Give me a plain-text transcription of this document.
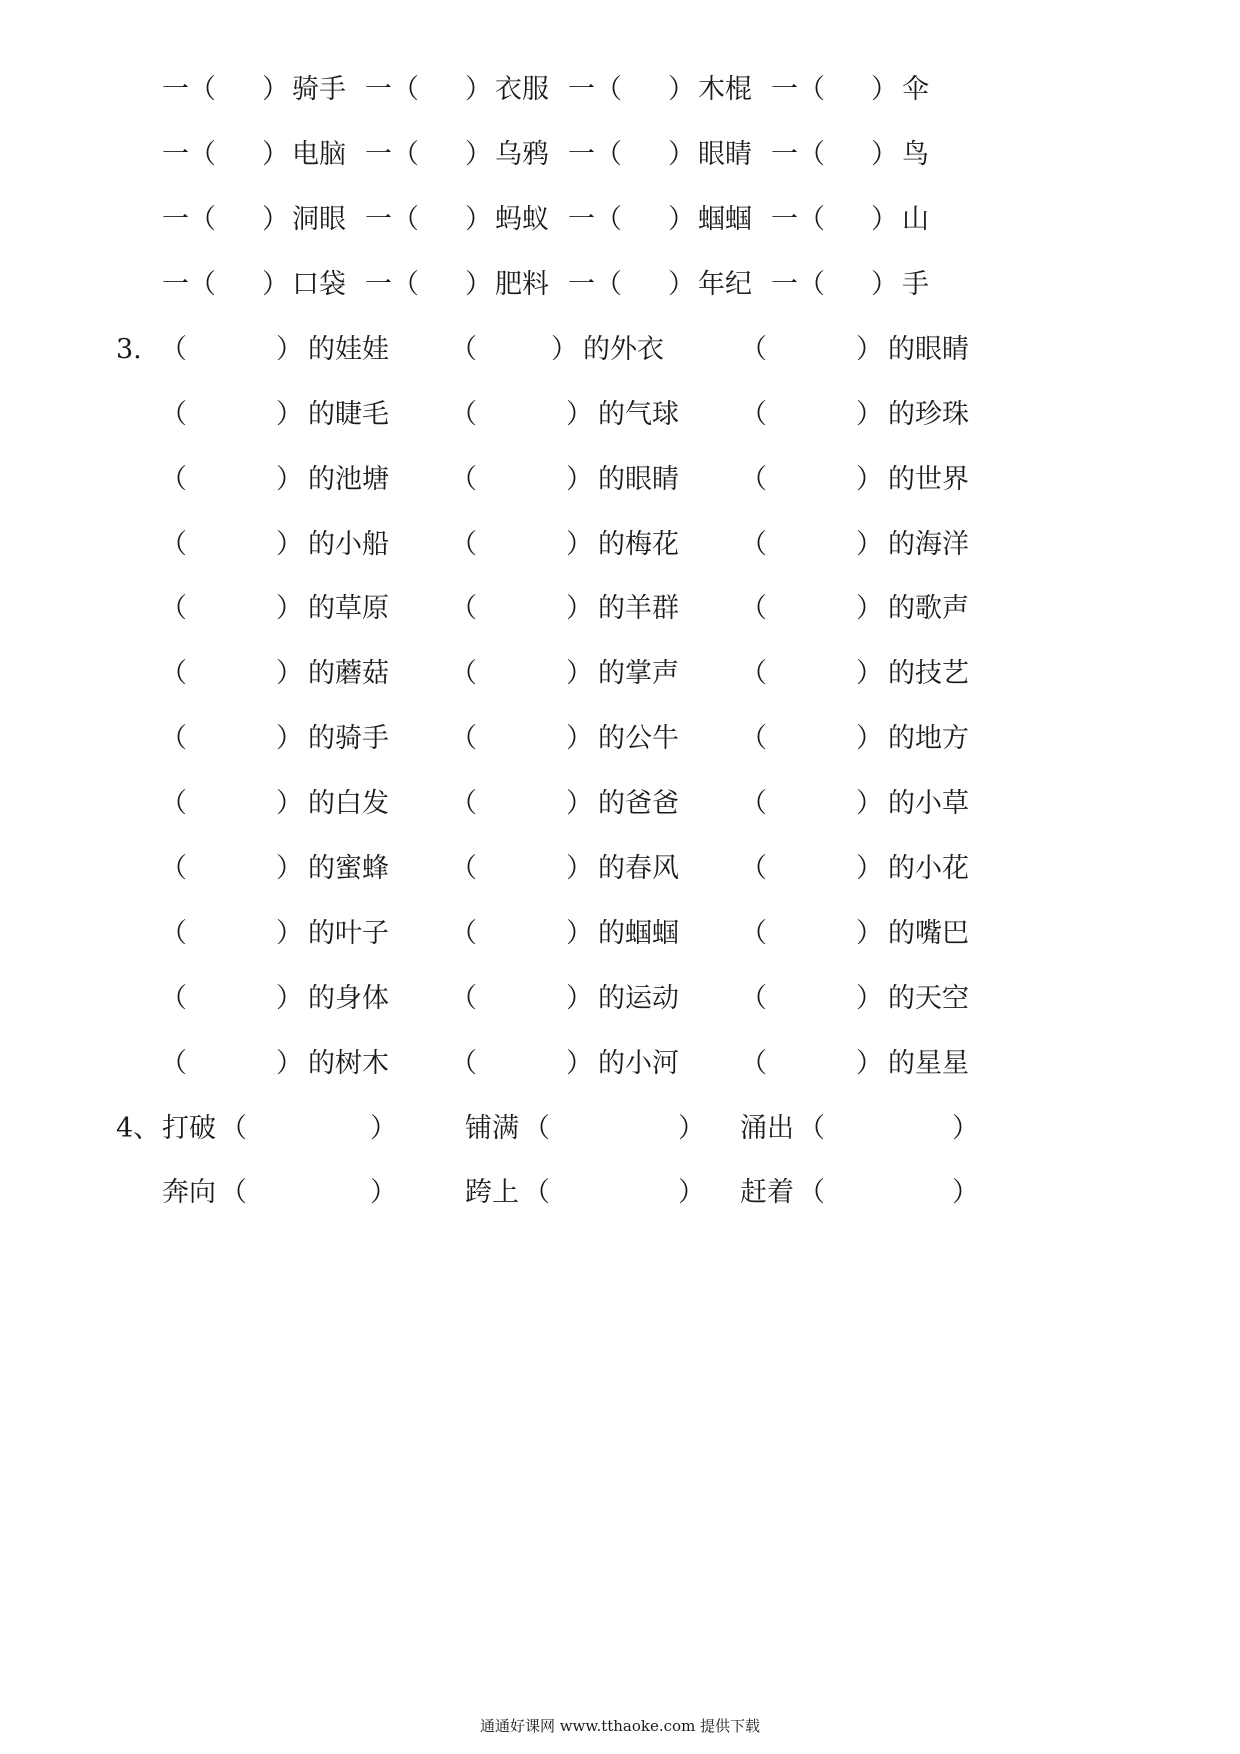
一（ ） 骑手 一（ ） 衣服 一（ ） 木棍 一（ ） 伞
一（ ） 电脑 一（ ） 乌鸦 一（ ） 眼睛 一（ ） 鸟
一（ ） 洞眼 一（ ） 蚂蚁 一（ ） 蝈蝈 一（ ） 山
一（ ） 口袋 一（ ） 肥料 一（ ） 年纪 一（ ） 手
3. （	） 的娃娃 （	） 的外衣	（	） 的眼睛
（	） 的睫毛 （	） 的气球 （	） 的珍珠
（	） 的池塘 （	） 的眼睛 （	） 的世界
（	） 的小船 （	） 的梅花 （	） 的海洋
（	） 的草原 （	） 的羊群 （	） 的歌声
（	） 的蘑菇 （	） 的掌声 （	） 的技艺
（	） 的骑手 （	） 的公牛 （	） 的地方
（	） 的白发 （	） 的爸爸 （	） 的小草
（	） 的蜜蜂 （	） 的春风 （	） 的小花
（	） 的叶子 （	） 的蝈蝈 （	） 的嘴巴
（	） 的身体 （	） 的运动 （	） 的天空
（	） 的树木 （	） 的小河 （	） 的星星
4、 打破 （	）	铺满 （	） 涌出 （	）
奔向 （	）	跨上 （	） 赶着 （	）
通通好课网 www.tthaoke.com 提供下载
